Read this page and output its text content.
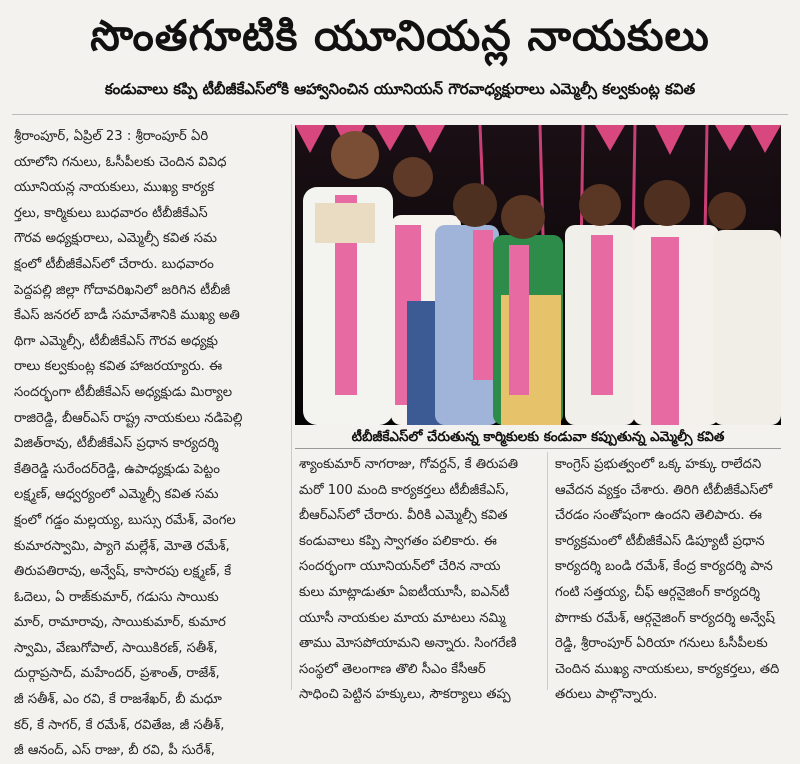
సొంతగూటికి యూనియన్ల నాయకులు
కండువాలు కప్పి టీబీజీకేఎస్‌లోకి ఆహ్వానించిన యూనియన్ గౌరవాధ్యక్షురాలు ఎమ్మెల్సీ కల్వకుంట్ల కవిత
శ్రీరాంపూర్, ఏప్రిల్ 23 : శ్రీరాంపూర్ ఏరి
యాలోని గనులు, ఓసీపీలకు చెందిన వివిధ
యూనియన్ల నాయకులు, ముఖ్య కార్యక
ర్తలు, కార్మికులు బుధవారం టీబీజీకేఎస్
గౌరవ అధ్యక్షురాలు, ఎమ్మెల్సీ కవిత సమ
క్షంలో టీబీజీకేఎస్‌లో చేరారు. బుధవారం
పెద్దపల్లి జిల్లా గోదావరిఖనిలో జరిగిన టీబీజీ
కేఎస్ జనరల్ బాడీ సమావేశానికి ముఖ్య అతి
థిగా ఎమ్మెల్సీ, టీబీజీకేఎస్ గౌరవ అధ్యక్షు
రాలు కల్వకుంట్ల కవిత హాజరయ్యారు. ఈ
సందర్భంగా టీబీజీకేఎస్ అధ్యక్షుడు మిర్యాల
రాజిరెడ్డి, బీఆర్ఎస్ రాష్ట్ర నాయకులు నడిపెల్లి
విజిత్‌రావు, టీబీజీకేఎస్ ప్రధాన కార్యదర్శి
కేతిరెడ్డి సురేందర్‌రెడ్డి, ఉపాధ్యక్షుడు పెట్టం
లక్ష్మణ్, ఆధ్వర్యంలో ఎమ్మెల్సీ కవిత సమ
క్షంలో గడ్డం మల్లయ్య, బుస్సు రమేశ్, వెంగల
కుమారస్వామి, ప్యాగె మల్లేశ్, మోతె రమేశ్,
తిరుపతిరావు, అన్వేష్, కాసారపు లక్ష్మణ్, కే
ఓదెలు, ఏ రాజ్‌కుమార్, గడుసు సాయికు
మార్, రామారావు, సాయికుమార్, కుమార
స్వామి, వేణుగోపాల్, సాయికిరణ్, సతీశ్,
దుర్గాప్రసాద్, మహేందర్, ప్రశాంత్, రాజేశ్,
జీ సతీశ్, ఎం రవి, కే రాజశేఖర్, బీ మధూ
కర్, కే సాగర్, కే రమేశ్, రవితేజ, జీ సతీశ్,
జీ ఆనంద్, ఎస్ రాజు, బీ రవి, పీ సురేశ్,
టీబీజీకేఎస్‌లో చేరుతున్న కార్మికులకు కండువా కప్పుతున్న ఎమ్మెల్సీ కవిత
శ్యాంకుమార్ నాగరాజు, గోవర్దన్, కే తిరుపతి
మరో 100 మంది కార్యకర్తలు టీబీజీకేఎస్,
బీఆర్ఎస్‌లో చేరారు. వీరికి ఎమ్మెల్సీ కవిత
కండువాలు కప్పి స్వాగతం పలికారు. ఈ
సందర్భంగా యూనియన్‌లో చేరిన నాయ
కులు మాట్లాడుతూ ఏఐటీయూసీ, ఐఎన్‌టీ
యూసీ నాయకుల మాయ మాటలు నమ్మి
తాము మోసపోయామని అన్నారు. సింగరేణి
సంస్థలో తెలంగాణ తొలి సీఎం కేసీఆర్
సాధించి పెట్టిన హక్కులు, సౌకర్యాలు తప్ప
కాంగ్రెస్ ప్రభుత్వంలో ఒక్క హక్కు రాలేదని
ఆవేదన వ్యక్తం చేశారు. తిరిగి టీబీజీకేఎస్‌లో
చేరడం సంతోషంగా ఉందని తెలిపారు. ఈ
కార్యక్రమంలో టీబీజీకేఎస్ డిప్యూటీ ప్రధాన
కార్యదర్శి బండి రమేశ్, కేంద్ర కార్యదర్శి పాన
గంటి సత్తయ్య, చీఫ్ ఆర్గనైజింగ్ కార్యదర్శి
పొగాకు రమేశ్, ఆర్గనైజింగ్ కార్యదర్శి అన్వేష్
రెడ్డి, శ్రీరాంపూర్ ఏరియా గనులు ఓసీపీలకు
చెందిన ముఖ్య నాయకులు, కార్యకర్తలు, తది
తరులు పాల్గొన్నారు.
